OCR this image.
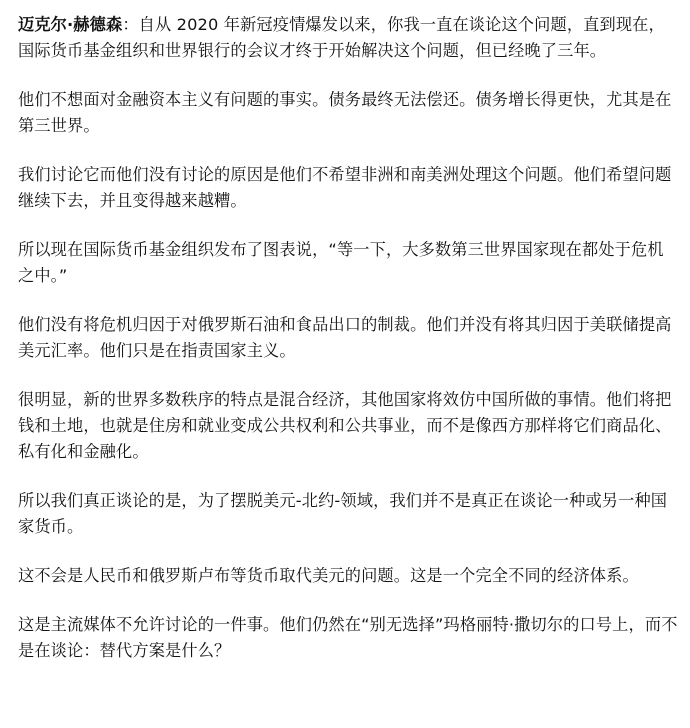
迈克尔·赫德森：自从 2020 年新冠疫情爆发以来，你我一直在谈论这个问题，直到现在，国际货币基金组织和世界银行的会议才终于开始解决这个问题，但已经晚了三年。

他们不想面对金融资本主义有问题的事实。债务最终无法偿还。债务增长得更快，尤其是在第三世界。

我们讨论它而他们没有讨论的原因是他们不希望非洲和南美洲处理这个问题。他们希望问题继续下去，并且变得越来越糟。

所以现在国际货币基金组织发布了图表说，“等一下，大多数第三世界国家现在都处于危机之中。”

他们没有将危机归因于对俄罗斯石油和食品出口的制裁。他们并没有将其归因于美联储提高美元汇率。他们只是在指责国家主义。

很明显，新的世界多数秩序的特点是混合经济，其他国家将效仿中国所做的事情。他们将把钱和土地，也就是住房和就业变成公共权利和公共事业，而不是像西方那样将它们商品化、私有化和金融化。

所以我们真正谈论的是，为了摆脱美元-北约-领域，我们并不是真正在谈论一种或另一种国家货币。

这不会是人民币和俄罗斯卢布等货币取代美元的问题。这是一个完全不同的经济体系。

这是主流媒体不允许讨论的一件事。他们仍然在“别无选择”玛格丽特·撒切尔的口号上，而不是在谈论：替代方案是什么？
